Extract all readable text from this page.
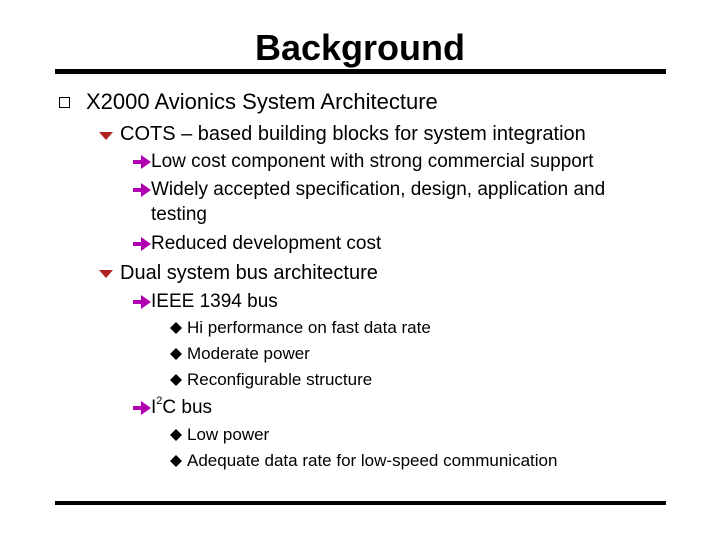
Background
X2000 Avionics System Architecture
COTS – based building blocks for system integration
Low cost component with strong commercial support
Widely accepted specification, design, application and
testing
Reduced development cost
Dual system bus architecture
IEEE 1394 bus
Hi performance on fast data rate
Moderate power
Reconfigurable structure
$I^2C$ bus
Low power
Adequate data rate for low-speed communication
